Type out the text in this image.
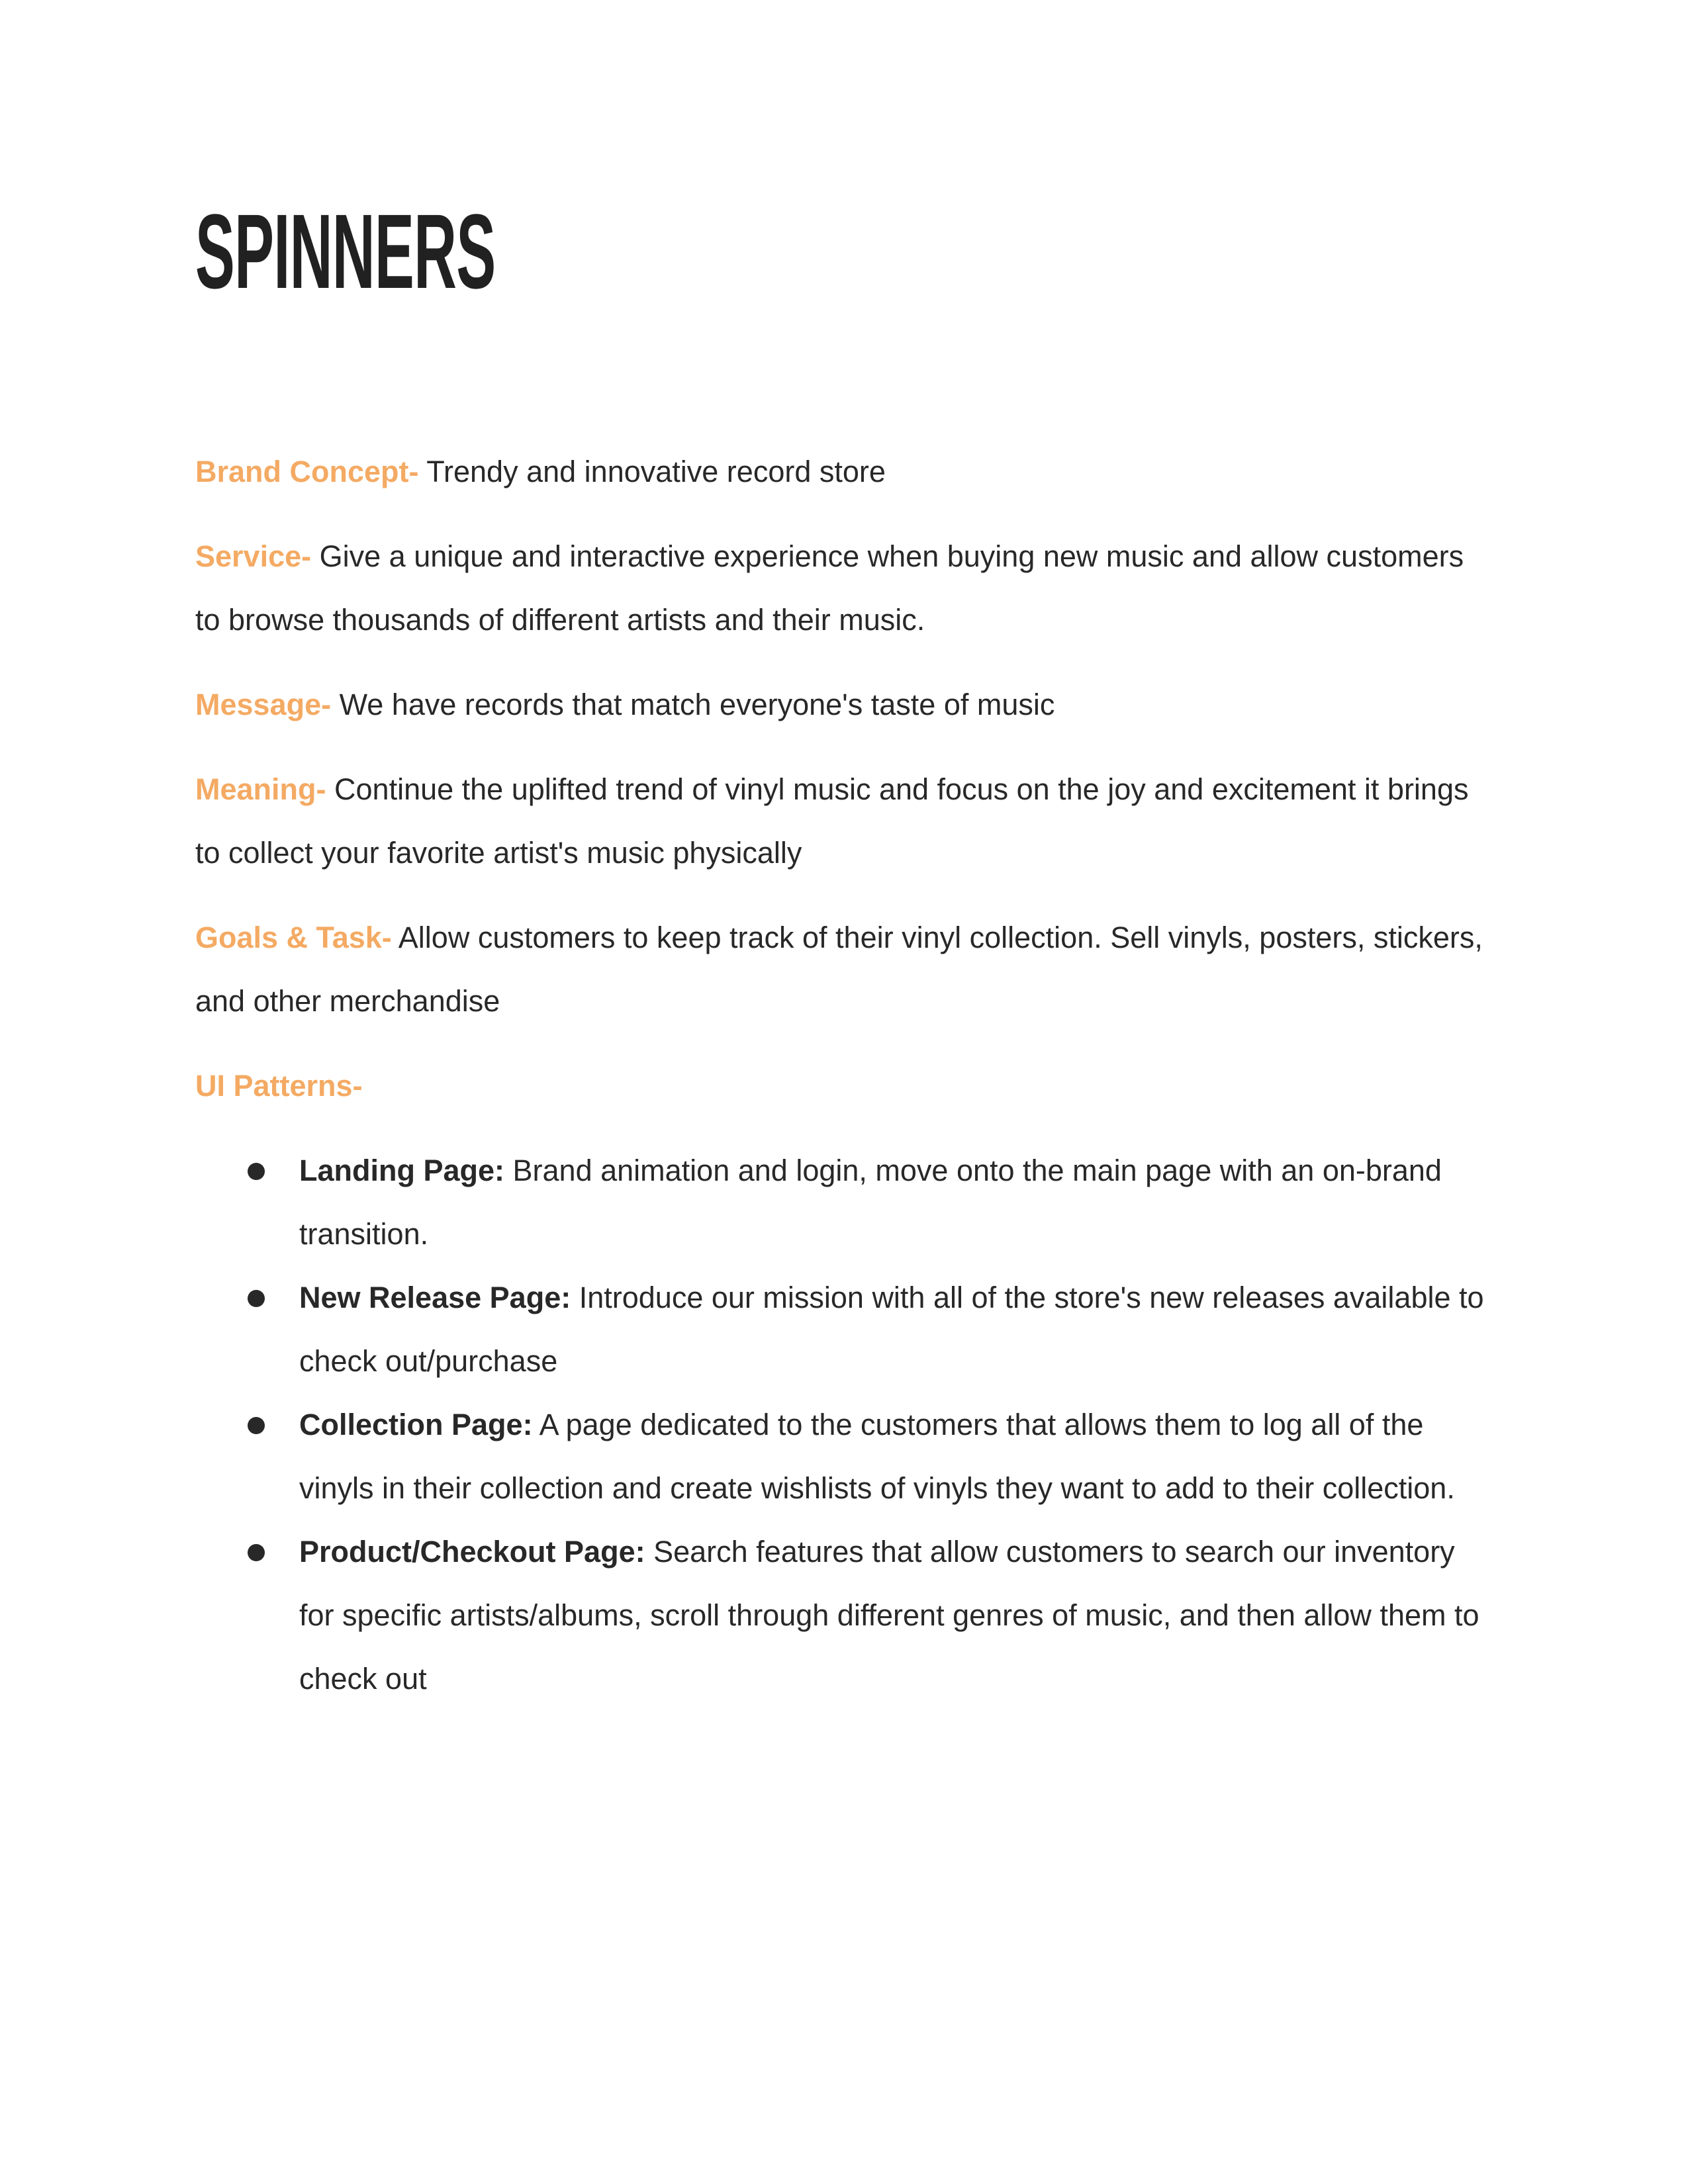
SPINNERS

Brand Concept- Trendy and innovative record store

Service- Give a unique and interactive experience when buying new music and allow customers to browse thousands of different artists and their music.

Message- We have records that match everyone's taste of music

Meaning- Continue the uplifted trend of vinyl music and focus on the joy and excitement it brings to collect your favorite artist's music physically

Goals & Task- Allow customers to keep track of their vinyl collection. Sell vinyls, posters, stickers, and other merchandise

UI Patterns-

Landing Page: Brand animation and login, move onto the main page with an on-brand transition.
New Release Page: Introduce our mission with all of the store's new releases available to check out/purchase
Collection Page: A page dedicated to the customers that allows them to log all of the vinyls in their collection and create wishlists of vinyls they want to add to their collection.
Product/Checkout Page: Search features that allow customers to search our inventory for specific artists/albums, scroll through different genres of music, and then allow them to check out
